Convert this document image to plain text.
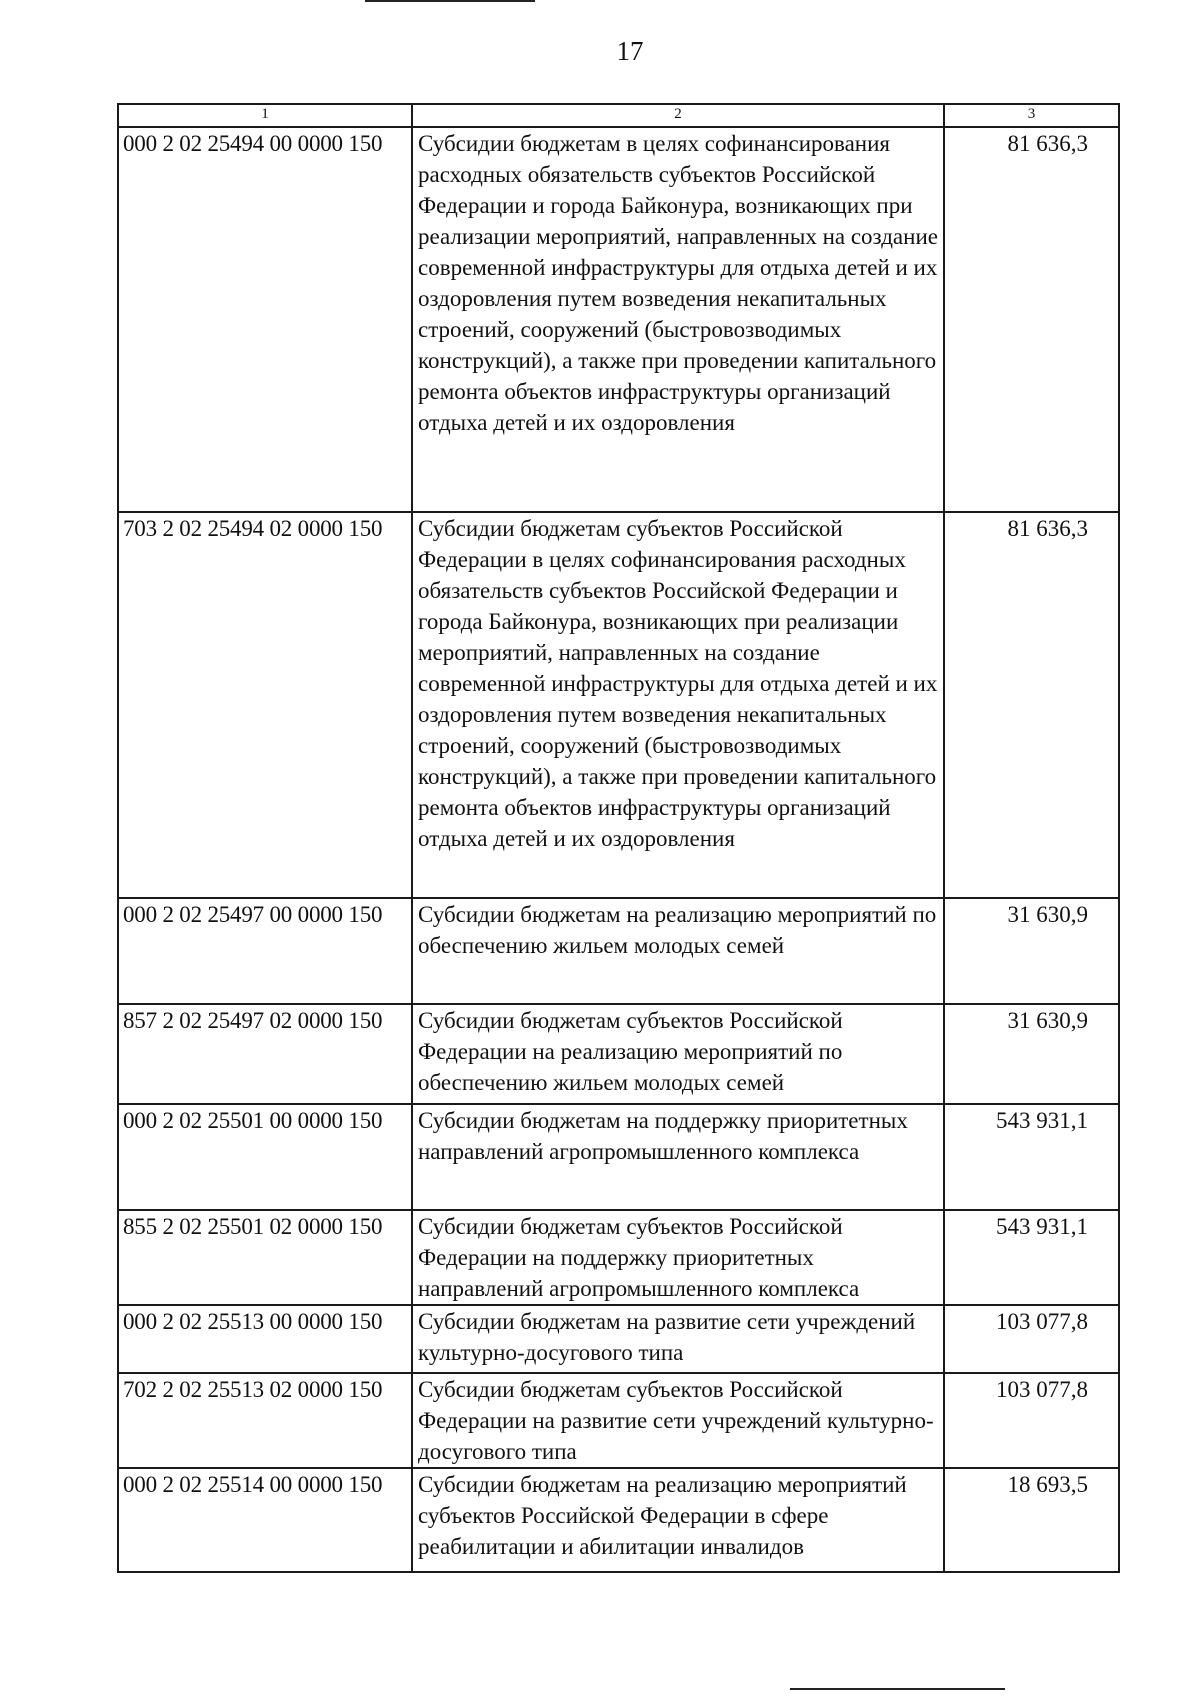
17
1	2	3
000 2 02 25494 00 0000 150	Субсидии бюджетам в целях софинансирования расходных обязательств субъектов Российской Федерации и города Байконура, возникающих при реализации мероприятий, направленных на создание современной инфраструктуры для отдыха детей и их оздоровления путем возведения некапитальных строений, сооружений (быстровозводимых конструкций), а также при проведении капитального ремонта объектов инфраструктуры организаций отдыха детей и их оздоровления	81 636,3
703 2 02 25494 02 0000 150	Субсидии бюджетам субъектов Российской Федерации в целях софинансирования расходных обязательств субъектов Российской Федерации и города Байконура, возникающих при реализации мероприятий, направленных на создание современной инфраструктуры для отдыха детей и их оздоровления путем возведения некапитальных строений, сооружений (быстровозводимых конструкций), а также при проведении капитального ремонта объектов инфраструктуры организаций отдыха детей и их оздоровления	81 636,3
000 2 02 25497 00 0000 150	Субсидии бюджетам на реализацию мероприятий по обеспечению жильем молодых семей	31 630,9
857 2 02 25497 02 0000 150	Субсидии бюджетам субъектов Российской Федерации на реализацию мероприятий по обеспечению жильем молодых семей	31 630,9
000 2 02 25501 00 0000 150	Субсидии бюджетам на поддержку приоритетных направлений агропромышленного комплекса	543 931,1
855 2 02 25501 02 0000 150	Субсидии бюджетам субъектов Российской Федерации на поддержку приоритетных направлений агропромышленного комплекса	543 931,1
000 2 02 25513 00 0000 150	Субсидии бюджетам на развитие сети учреждений культурно-досугового типа	103 077,8
702 2 02 25513 02 0000 150	Субсидии бюджетам субъектов Российской Федерации на развитие сети учреждений культурно-досугового типа	103 077,8
000 2 02 25514 00 0000 150	Субсидии бюджетам на реализацию мероприятий субъектов Российской Федерации в сфере реабилитации и абилитации инвалидов	18 693,5
